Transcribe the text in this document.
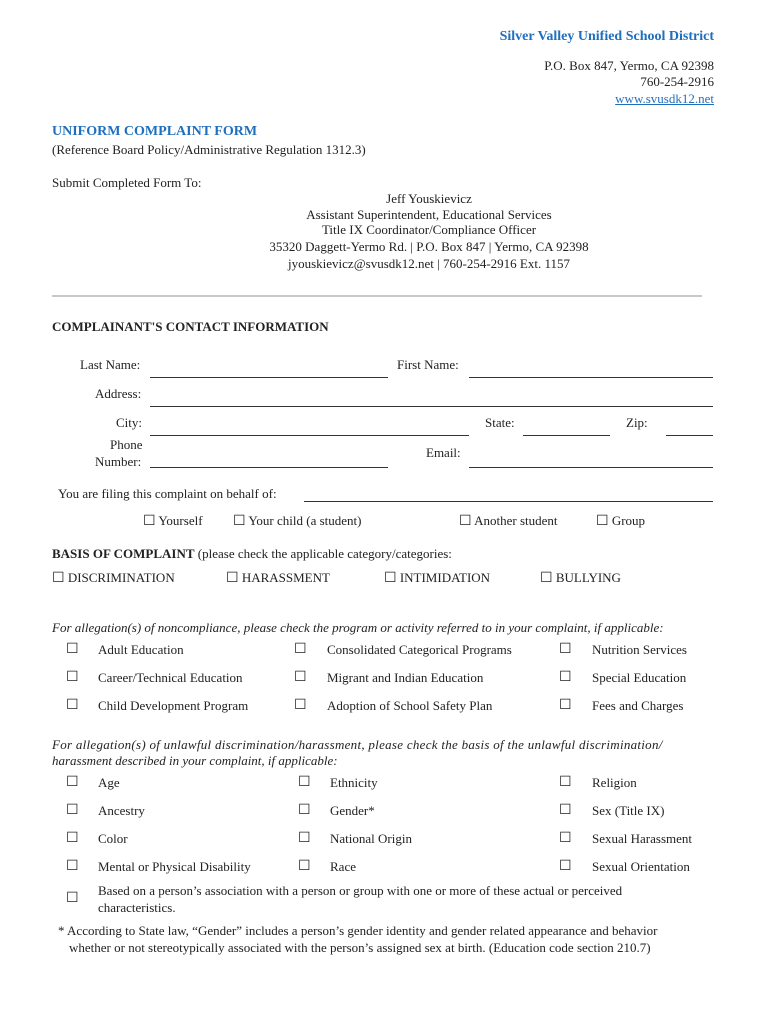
Silver Valley Unified School District
P.O. Box 847, Yermo, CA 92398
760-254-2916
www.svusdk12.net
UNIFORM COMPLAINT FORM
(Reference Board Policy/Administrative Regulation 1312.3)
Submit Completed Form To:
Jeff Youskievicz
Assistant Superintendent, Educational Services
Title IX Coordinator/Compliance Officer
35320 Daggett-Yermo Rd. | P.O. Box 847 | Yermo, CA 92398
jyouskievicz@svusdk12.net | 760-254-2916 Ext. 1157
COMPLAINANT'S CONTACT INFORMATION
Last Name:	First Name:
Address:
City:	State:	Zip:
Phone
Number:
Email:
You are filing this complaint on behalf of:
☐ Yourself ☐ Your child (a student)	☐ Another student	☐ Group
BASIS OF COMPLAINT (please check the applicable category/categories:
☐ DISCRIMINATION	☐ HARASSMENT	☐ INTIMIDATION	☐ BULLYING
For allegation(s) of noncompliance, please check the program or activity referred to in your complaint, if applicable:
☐ Adult Education	☐ Consolidated Categorical Programs	☐ Nutrition Services
☐ Career/Technical Education	☐ Migrant and Indian Education	☐ Special Education
☐ Child Development Program	☐ Adoption of School Safety Plan	☐ Fees and Charges
For allegation(s) of unlawful discrimination/harassment, please check the basis of the unlawful discrimination/
harassment described in your complaint, if applicable:
☐ Age	☐ Ethnicity	☐ Religion
☐ Ancestry	☐ Gender*	☐ Sex (Title IX)
☐ Color	☐ National Origin	☐ Sexual Harassment
☐ Mental or Physical Disability	☐ Race	☐ Sexual Orientation
☐
Based on a person’s association with a person or group with one or more of these actual or perceived
characteristics.
* According to State law, “Gender” includes a person’s gender identity and gender related appearance and behavior
whether or not stereotypically associated with the person’s assigned sex at birth. (Education code section 210.7)
